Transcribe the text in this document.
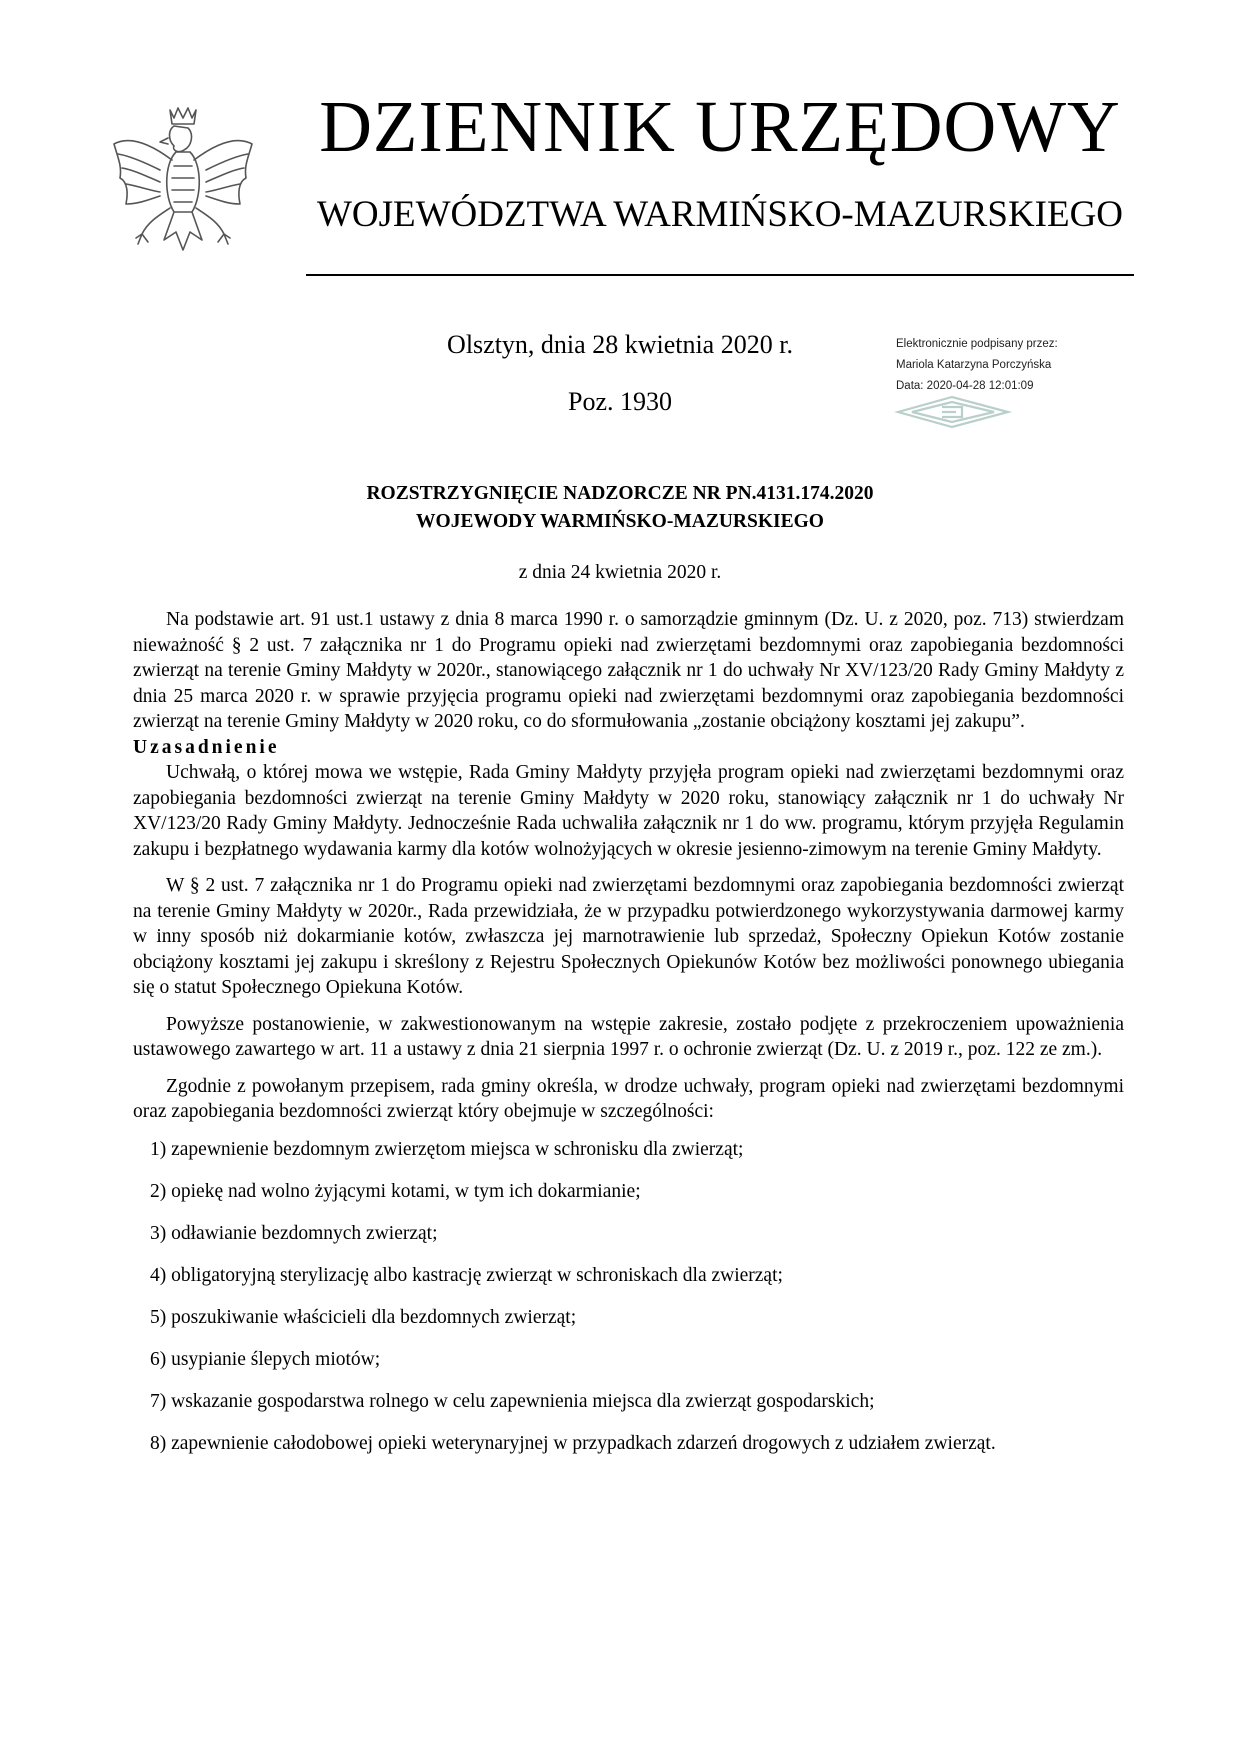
DZIENNIK URZĘDOWY
WOJEWÓDZTWA WARMIŃSKO-MAZURSKIEGO
Olsztyn, dnia 28 kwietnia 2020 r.
Poz. 1930
Elektronicznie podpisany przez:
Mariola Katarzyna Porczyńska
Data: 2020-04-28 12:01:09
ROZSTRZYGNIĘCIE NADZORCZE NR PN.4131.174.2020
WOJEWODY WARMIŃSKO-MAZURSKIEGO
z dnia 24 kwietnia 2020 r.

Na podstawie art. 91 ust.1 ustawy z dnia 8 marca 1990 r. o samorządzie gminnym (Dz. U. z 2020, poz. 713) stwierdzam nieważność § 2 ust. 7 załącznika nr 1 do Programu opieki nad zwierzętami bezdomnymi oraz zapobiegania bezdomności zwierząt na terenie Gminy Małdyty w 2020r., stanowiącego załącznik nr 1 do uchwały Nr XV/123/20 Rady Gminy Małdyty z dnia 25 marca 2020 r. w sprawie przyjęcia programu opieki nad zwierzętami bezdomnymi oraz zapobiegania bezdomności zwierząt na terenie Gminy Małdyty w 2020 roku, co do sformułowania „zostanie obciążony kosztami jej zakupu”.

Uzasadnienie

Uchwałą, o której mowa we wstępie, Rada Gminy Małdyty przyjęła program opieki nad zwierzętami bezdomnymi oraz zapobiegania bezdomności zwierząt na terenie Gminy Małdyty w 2020 roku, stanowiący załącznik nr 1 do uchwały Nr XV/123/20 Rady Gminy Małdyty. Jednocześnie Rada uchwaliła załącznik nr 1 do ww. programu, którym przyjęła Regulamin zakupu i bezpłatnego wydawania karmy dla kotów wolnożyjących w okresie jesienno-zimowym na terenie Gminy Małdyty.

W § 2 ust. 7 załącznika nr 1 do Programu opieki nad zwierzętami bezdomnymi oraz zapobiegania bezdomności zwierząt na terenie Gminy Małdyty w 2020r., Rada przewidziała, że w przypadku potwierdzonego wykorzystywania darmowej karmy w inny sposób niż dokarmianie kotów, zwłaszcza jej marnotrawienie lub sprzedaż, Społeczny Opiekun Kotów zostanie obciążony kosztami jej zakupu i skreślony z Rejestru Społecznych Opiekunów Kotów bez możliwości ponownego ubiegania się o statut Społecznego Opiekuna Kotów.

Powyższe postanowienie, w zakwestionowanym na wstępie zakresie, zostało podjęte z przekroczeniem upoważnienia ustawowego zawartego w art. 11 a ustawy z dnia 21 sierpnia 1997 r. o ochronie zwierząt (Dz. U. z 2019 r., poz. 122 ze zm.).

Zgodnie z powołanym przepisem, rada gminy określa, w drodze uchwały, program opieki nad zwierzętami bezdomnymi oraz zapobiegania bezdomności zwierząt który obejmuje w szczególności:

1) zapewnienie bezdomnym zwierzętom miejsca w schronisku dla zwierząt;
2) opiekę nad wolno żyjącymi kotami, w tym ich dokarmianie;
3) odławianie bezdomnych zwierząt;
4) obligatoryjną sterylizację albo kastrację zwierząt w schroniskach dla zwierząt;
5) poszukiwanie właścicieli dla bezdomnych zwierząt;
6) usypianie ślepych miotów;
7) wskazanie gospodarstwa rolnego w celu zapewnienia miejsca dla zwierząt gospodarskich;
8) zapewnienie całodobowej opieki weterynaryjnej w przypadkach zdarzeń drogowych z udziałem zwierząt.
